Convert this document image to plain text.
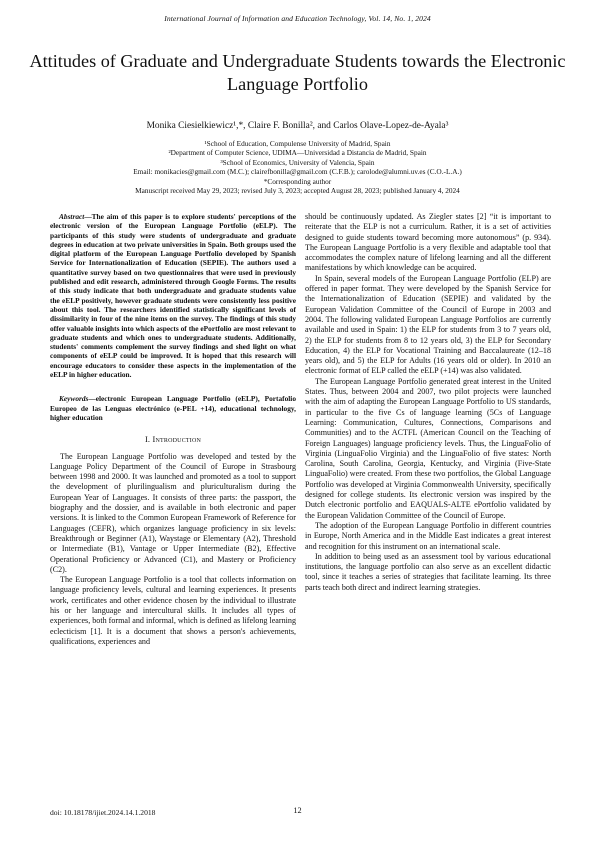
International Journal of Information and Education Technology, Vol. 14, No. 1, 2024
Attitudes of Graduate and Undergraduate Students towards the Electronic Language Portfolio
Monika Ciesielkiewicz¹,*, Claire F. Bonilla², and Carlos Olave-Lopez-de-Ayala³
¹School of Education, Compulense University of Madrid, Spain
²Department of Computer Science, UDIMA—Universidad a Distancia de Madrid, Spain
³School of Economics, University of Valencia, Spain
Email: monikacies@gmail.com (M.C.); clairefbonilla@gmail.com (C.F.B.); carolode@alumni.uv.es (C.O.-L.A.)
*Corresponding author
Manuscript received May 29, 2023; revised July 3, 2023; accepted August 28, 2023; published January 4, 2024

Abstract—The aim of this paper is to explore students' perceptions of the electronic version of the European Language Portfolio (eELP). The participants of this study were students of undergraduate and graduate degrees in education at two private universities in Spain. Both groups used the digital platform of the European Language Portfolio developed by Spanish Service for Internationalization of Education (SEPIE). The authors used a quantitative survey based on two questionnaires that were used in previously published and edit research, administered through Google Forms. The results of this study indicate that both undergraduate and graduate students value the eELP positively, however graduate students were consistently less positive about this tool. The researchers identified statistically significant levels of dissimilarity in four of the nine items on the survey. The findings of this study offer valuable insights into which aspects of the ePortfolio are most relevant to graduate students and which ones to undergraduate students. Additionally, students' comments complement the survey findings and shed light on what components of eELP could be improved. It is hoped that this research will encourage educators to consider these aspects in the implementation of the eELP in higher education.

Keywords—electronic European Language Portfolio (eELP), Portafolio Europeo de las Lenguas electrónico (e-PEL +14), educational technology, higher education

I. Introduction

The European Language Portfolio was developed and tested by the Language Policy Department of the Council of Europe in Strasbourg between 1998 and 2000. It was launched and promoted as a tool to support the development of plurilingualism and pluriculturalism during the European Year of Languages. It consists of three parts: the passport, the biography and the dossier, and is available in both electronic and paper versions. It is linked to the Common European Framework of Reference for Languages (CEFR), which organizes language proficiency in six levels: Breakthrough or Beginner (A1), Waystage or Elementary (A2), Threshold or Intermediate (B1), Vantage or Upper Intermediate (B2), Effective Operational Proficiency or Advanced (C1), and Mastery or Proficiency (C2).

The European Language Portfolio is a tool that collects information on language proficiency levels, cultural and learning experiences. It presents work, certificates and other evidence chosen by the individual to illustrate his or her language and intercultural skills. It includes all types of experiences, both formal and informal, which is defined as lifelong learning eclecticism [1]. It is a document that shows a person's achievements, qualifications, experiences and

should be continuously updated. As Ziegler states [2] “it is important to reiterate that the ELP is not a curriculum. Rather, it is a set of activities designed to guide students toward becoming more autonomous” (p. 934). The European Language Portfolio is a very flexible and adaptable tool that accommodates the complex nature of lifelong learning and all the different manifestations by which knowledge can be acquired.

In Spain, several models of the European Language Portfolio (ELP) are offered in paper format. They were developed by the Spanish Service for the Internationalization of Education (SEPIE) and validated by the European Validation Committee of the Council of Europe in 2003 and 2004. The following validated European Language Portfolios are currently available and used in Spain: 1) the ELP for students from 3 to 7 years old, 2) the ELP for students from 8 to 12 years old, 3) the ELP for Secondary Education, 4) the ELP for Vocational Training and Baccalaureate (12–18 years old), and 5) the ELP for Adults (16 years old or older). In 2010 an electronic format of ELP called the eELP (+14) was also validated.

The European Language Portfolio generated great interest in the United States. Thus, between 2004 and 2007, two pilot projects were launched with the aim of adapting the European Language Portfolio to US standards, in particular to the five Cs of language learning (5Cs of Language Learning: Communication, Cultures, Connections, Comparisons and Communities) and to the ACTFL (American Council on the Teaching of Foreign Languages) language proficiency levels. Thus, the LinguaFolio of Virginia (LinguaFolio Virginia) and the LinguaFolio of five states: North Carolina, South Carolina, Georgia, Kentucky, and Virginia (Five-State LinguaFolio) were created. From these two portfolios, the Global Language Portfolio was developed at Virginia Commonwealth University, specifically designed for college students. Its electronic version was inspired by the Dutch electronic portfolio and EAQUALS-ALTE ePortfolio validated by the European Validation Committee of the Council of Europe.

The adoption of the European Language Portfolio in different countries in Europe, North America and in the Middle East indicates a great interest and recognition for this instrument on an international scale.

In addition to being used as an assessment tool by various educational institutions, the language portfolio can also serve as an excellent didactic tool, since it teaches a series of strategies that facilitate learning. Its three parts teach both direct and indirect learning strategies.

doi: 10.18178/ijiet.2024.14.1.2018	12
